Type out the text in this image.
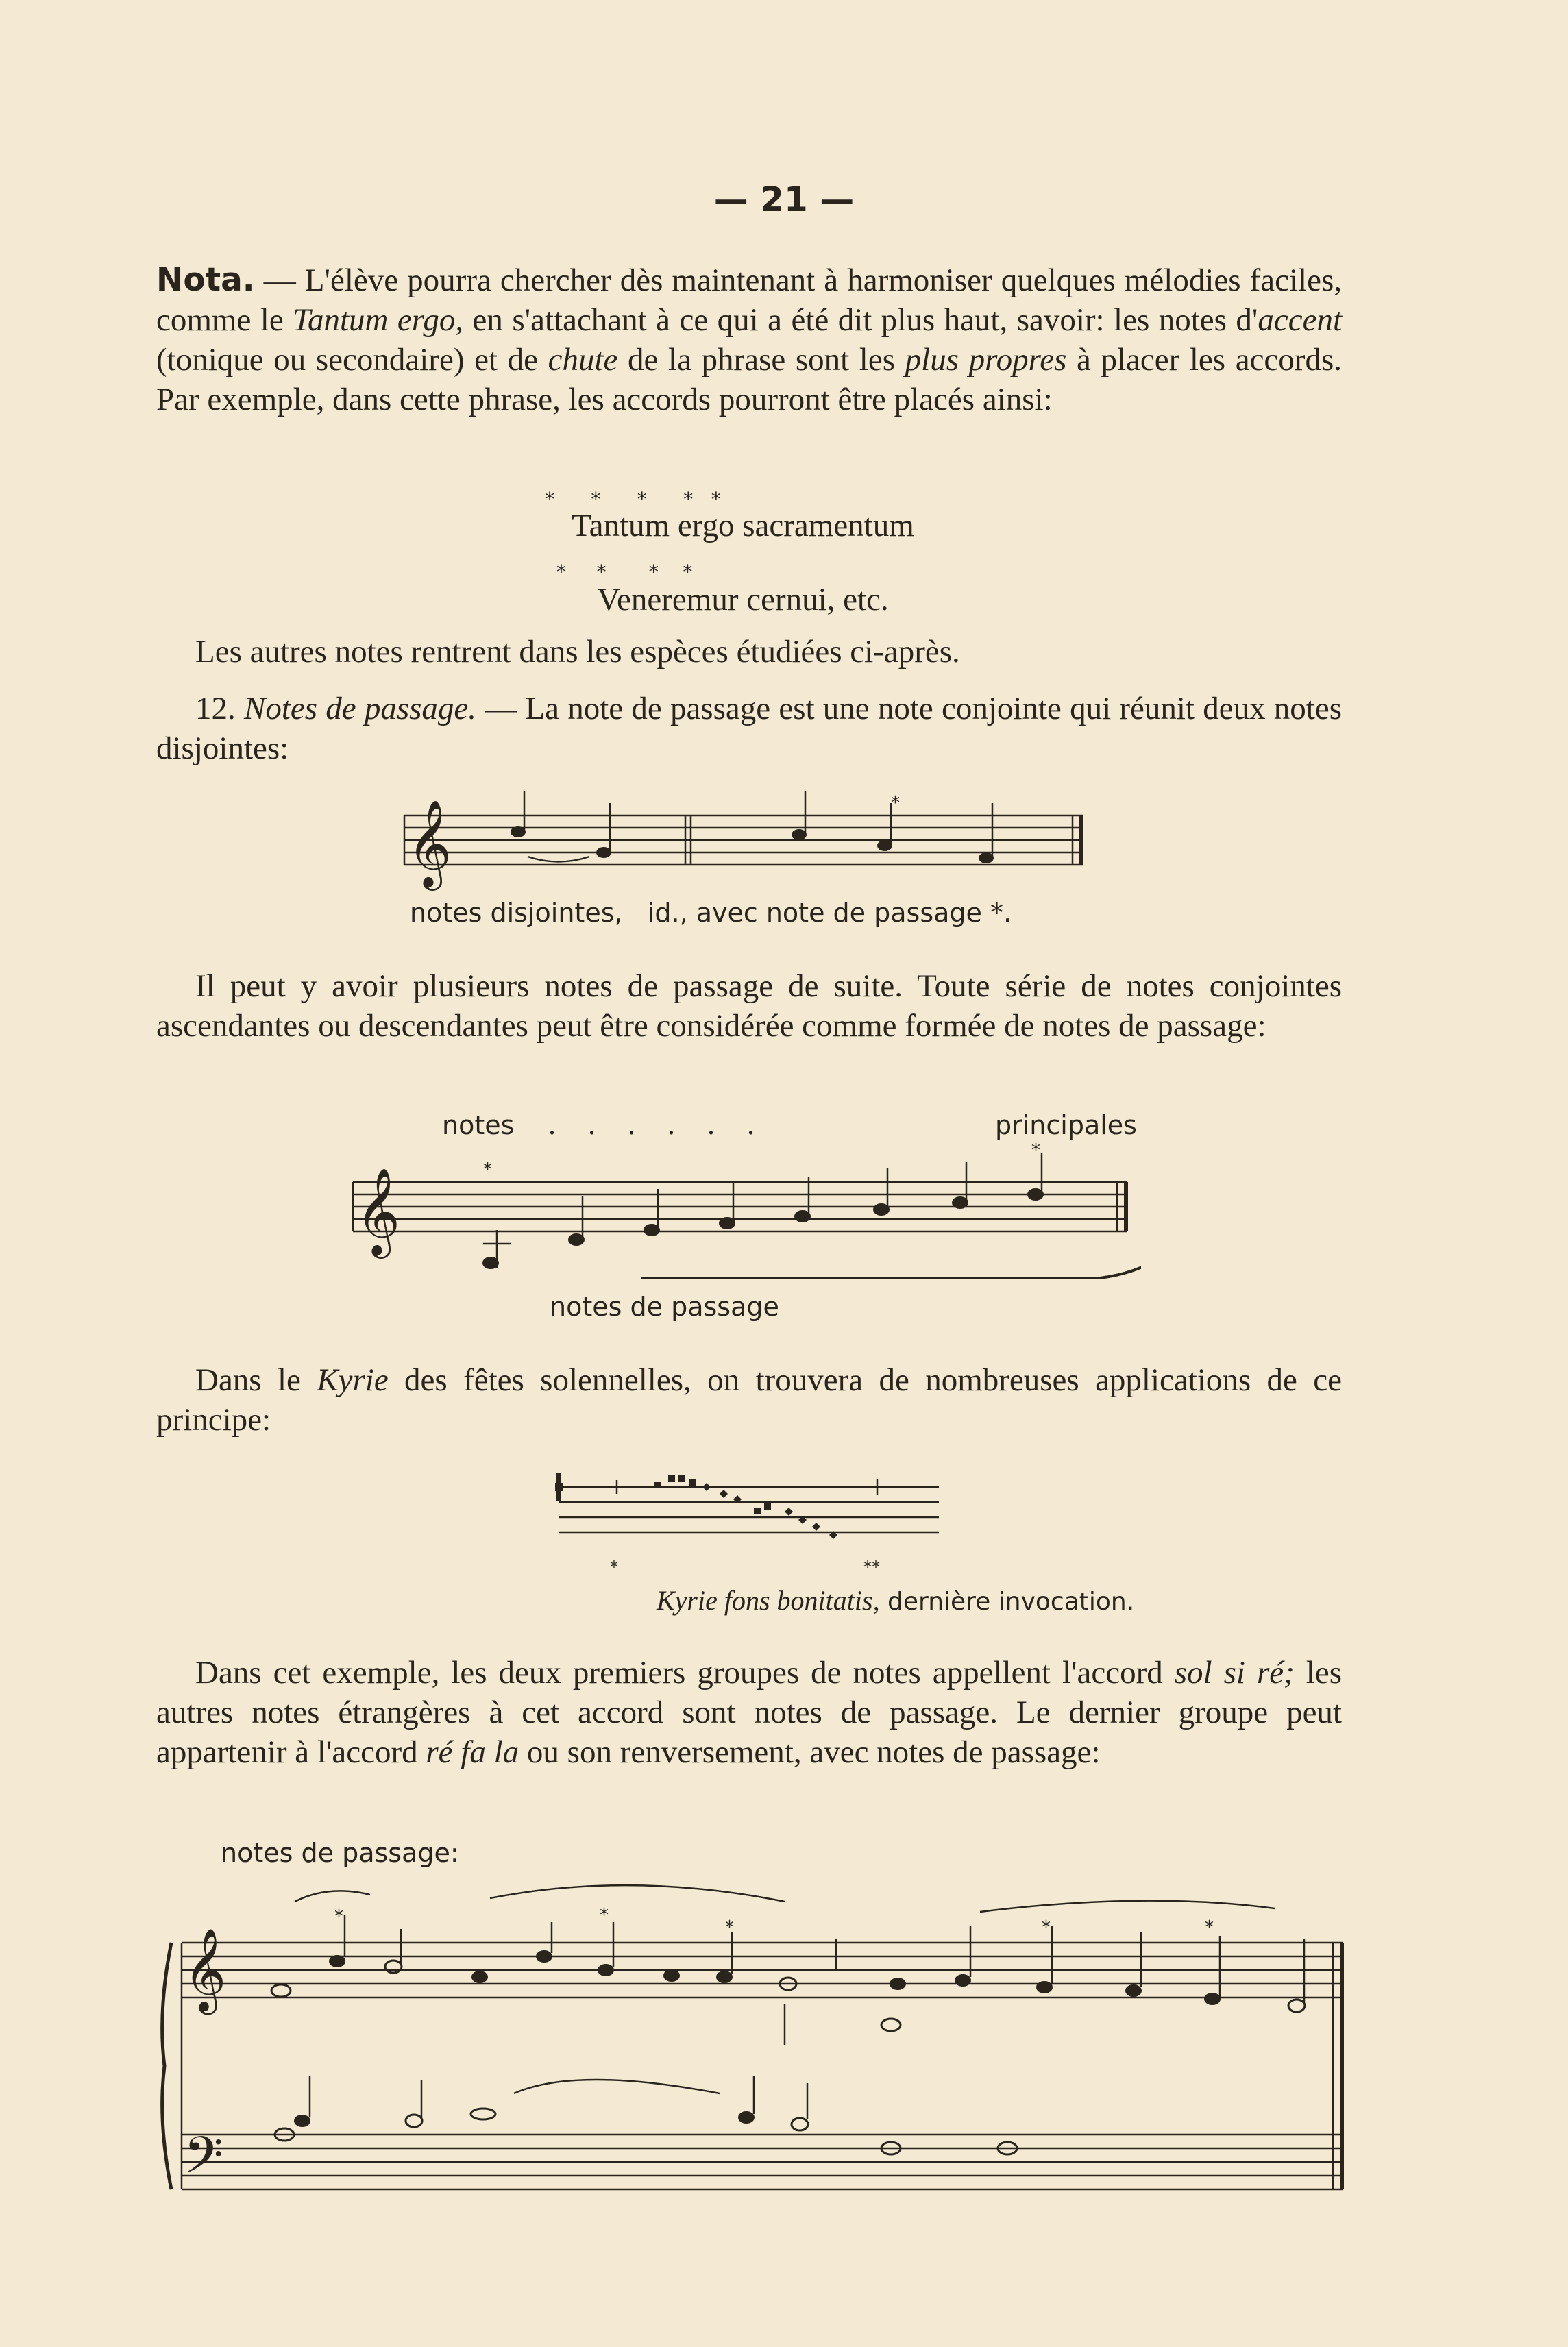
— 21 —
Nota. — L'élève pourra chercher dès maintenant à harmoniser quelques mélodies faciles, comme le Tantum ergo, en s'attachant à ce qui a été dit plus haut, savoir: les notes d'accent (tonique ou secondaire) et de chute de la phrase sont les plus propres à placer les accords. Par exemple, dans cette phrase, les accords pourront être placés ainsi:
*      *      *      *   *
Tantum ergo sacramentum
*     *       *    *
Veneremur cernui, etc.
Les autres notes rentrent dans les espèces étudiées ci-après.
12. Notes de passage. — La note de passage est une note conjointe qui réunit deux notes disjointes:
𝄞	*
notes disjointes,   id., avec note de passage *.
Il peut y avoir plusieurs notes de passage de suite. Toute série de notes conjointes ascendantes ou descendantes peut être considérée comme formée de notes de passage:
notes . . . . . .	principales
𝄞	*
*
notes de passage
Dans le Kyrie des fêtes solennelles, on trouvera de nombreuses applications de ce principe:
*	**
Kyrie fons bonitatis, dernière invocation.
Dans cet exemple, les deux premiers groupes de notes appellent l'accord sol si ré; les autres notes étrangères à cet accord sont notes de passage. Le dernier groupe peut appartenir à l'accord ré fa la ou son renversement, avec notes de passage:
notes de passage:
𝄞
𝄢
*	*
*	*	*
